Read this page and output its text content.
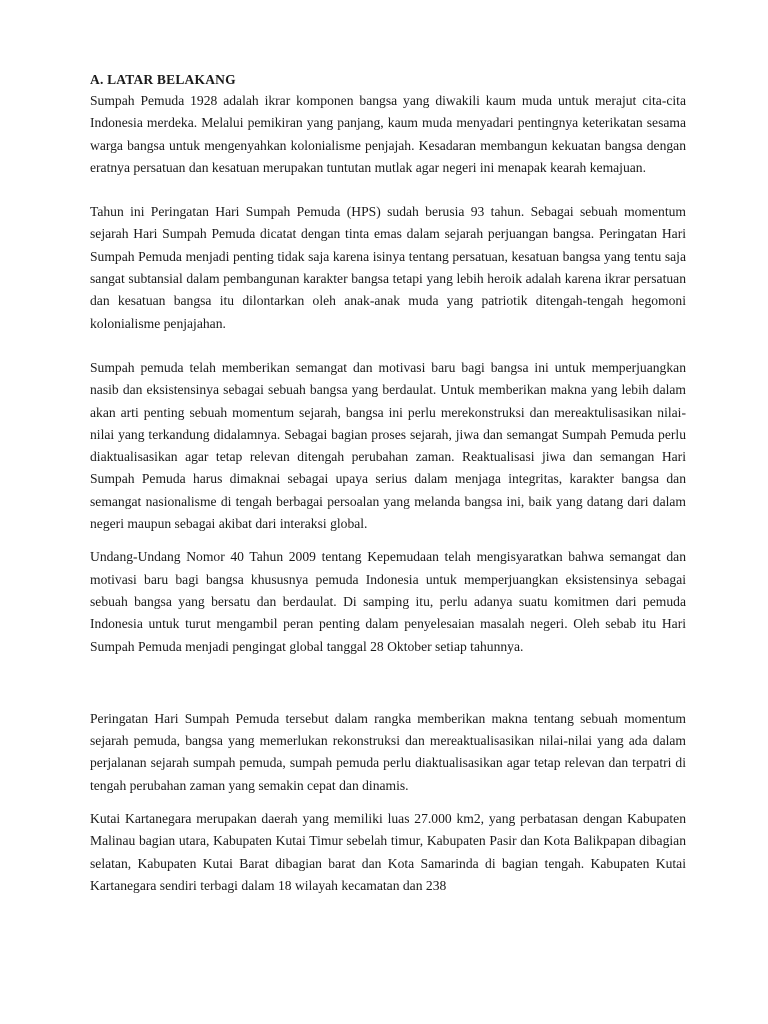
A. LATAR BELAKANG

Sumpah Pemuda 1928 adalah ikrar komponen bangsa yang diwakili kaum muda untuk merajut cita-cita Indonesia merdeka. Melalui pemikiran yang panjang, kaum muda menyadari pentingnya keterikatan sesama warga bangsa untuk mengenyahkan kolonialisme penjajah. Kesadaran membangun kekuatan bangsa dengan eratnya persatuan dan kesatuan merupakan tuntutan mutlak agar negeri ini menapak kearah kemajuan.

Tahun ini Peringatan Hari Sumpah Pemuda (HPS) sudah berusia 93 tahun. Sebagai sebuah momentum sejarah Hari Sumpah Pemuda dicatat dengan tinta emas dalam sejarah perjuangan bangsa. Peringatan Hari Sumpah Pemuda menjadi penting tidak saja karena isinya tentang persatuan, kesatuan bangsa yang tentu saja sangat subtansial dalam pembangunan karakter bangsa tetapi yang lebih heroik adalah karena ikrar persatuan dan kesatuan bangsa itu dilontarkan oleh anak-anak muda yang patriotik ditengah-tengah hegomoni kolonialisme penjajahan.

Sumpah pemuda telah memberikan semangat dan motivasi baru bagi bangsa ini untuk memperjuangkan nasib dan eksistensinya sebagai sebuah bangsa yang berdaulat. Untuk memberikan makna yang lebih dalam akan arti penting sebuah momentum sejarah, bangsa ini perlu merekonstruksi dan mereaktulisasikan nilai-nilai yang terkandung didalamnya. Sebagai bagian proses sejarah, jiwa dan semangat Sumpah Pemuda perlu diaktualisasikan agar tetap relevan ditengah perubahan zaman. Reaktualisasi jiwa dan semangan Hari Sumpah Pemuda harus dimaknai sebagai upaya serius dalam menjaga integritas, karakter bangsa dan semangat nasionalisme di tengah berbagai persoalan yang melanda bangsa ini, baik yang datang dari dalam negeri maupun sebagai akibat dari interaksi global.

Undang-Undang Nomor 40 Tahun 2009 tentang Kepemudaan telah mengisyaratkan bahwa semangat dan motivasi baru bagi bangsa khususnya pemuda Indonesia untuk memperjuangkan eksistensinya sebagai sebuah bangsa yang bersatu dan berdaulat. Di samping itu, perlu adanya suatu komitmen dari pemuda Indonesia untuk turut mengambil peran penting dalam penyelesaian masalah negeri. Oleh sebab itu Hari Sumpah Pemuda menjadi pengingat global tanggal 28 Oktober setiap tahunnya.

Peringatan Hari Sumpah Pemuda tersebut dalam rangka memberikan makna tentang sebuah momentum sejarah pemuda, bangsa yang memerlukan rekonstruksi dan mereaktualisasikan nilai-nilai yang ada dalam perjalanan sejarah sumpah pemuda, sumpah pemuda perlu diaktualisasikan agar tetap relevan dan terpatri di tengah perubahan zaman yang semakin cepat dan dinamis.

Kutai Kartanegara merupakan daerah yang memiliki luas 27.000 km2, yang perbatasan dengan Kabupaten Malinau bagian utara, Kabupaten Kutai Timur sebelah timur, Kabupaten Pasir dan Kota Balikpapan dibagian selatan, Kabupaten Kutai Barat dibagian barat dan Kota Samarinda di bagian tengah. Kabupaten Kutai Kartanegara sendiri terbagi dalam 18 wilayah kecamatan dan 238
